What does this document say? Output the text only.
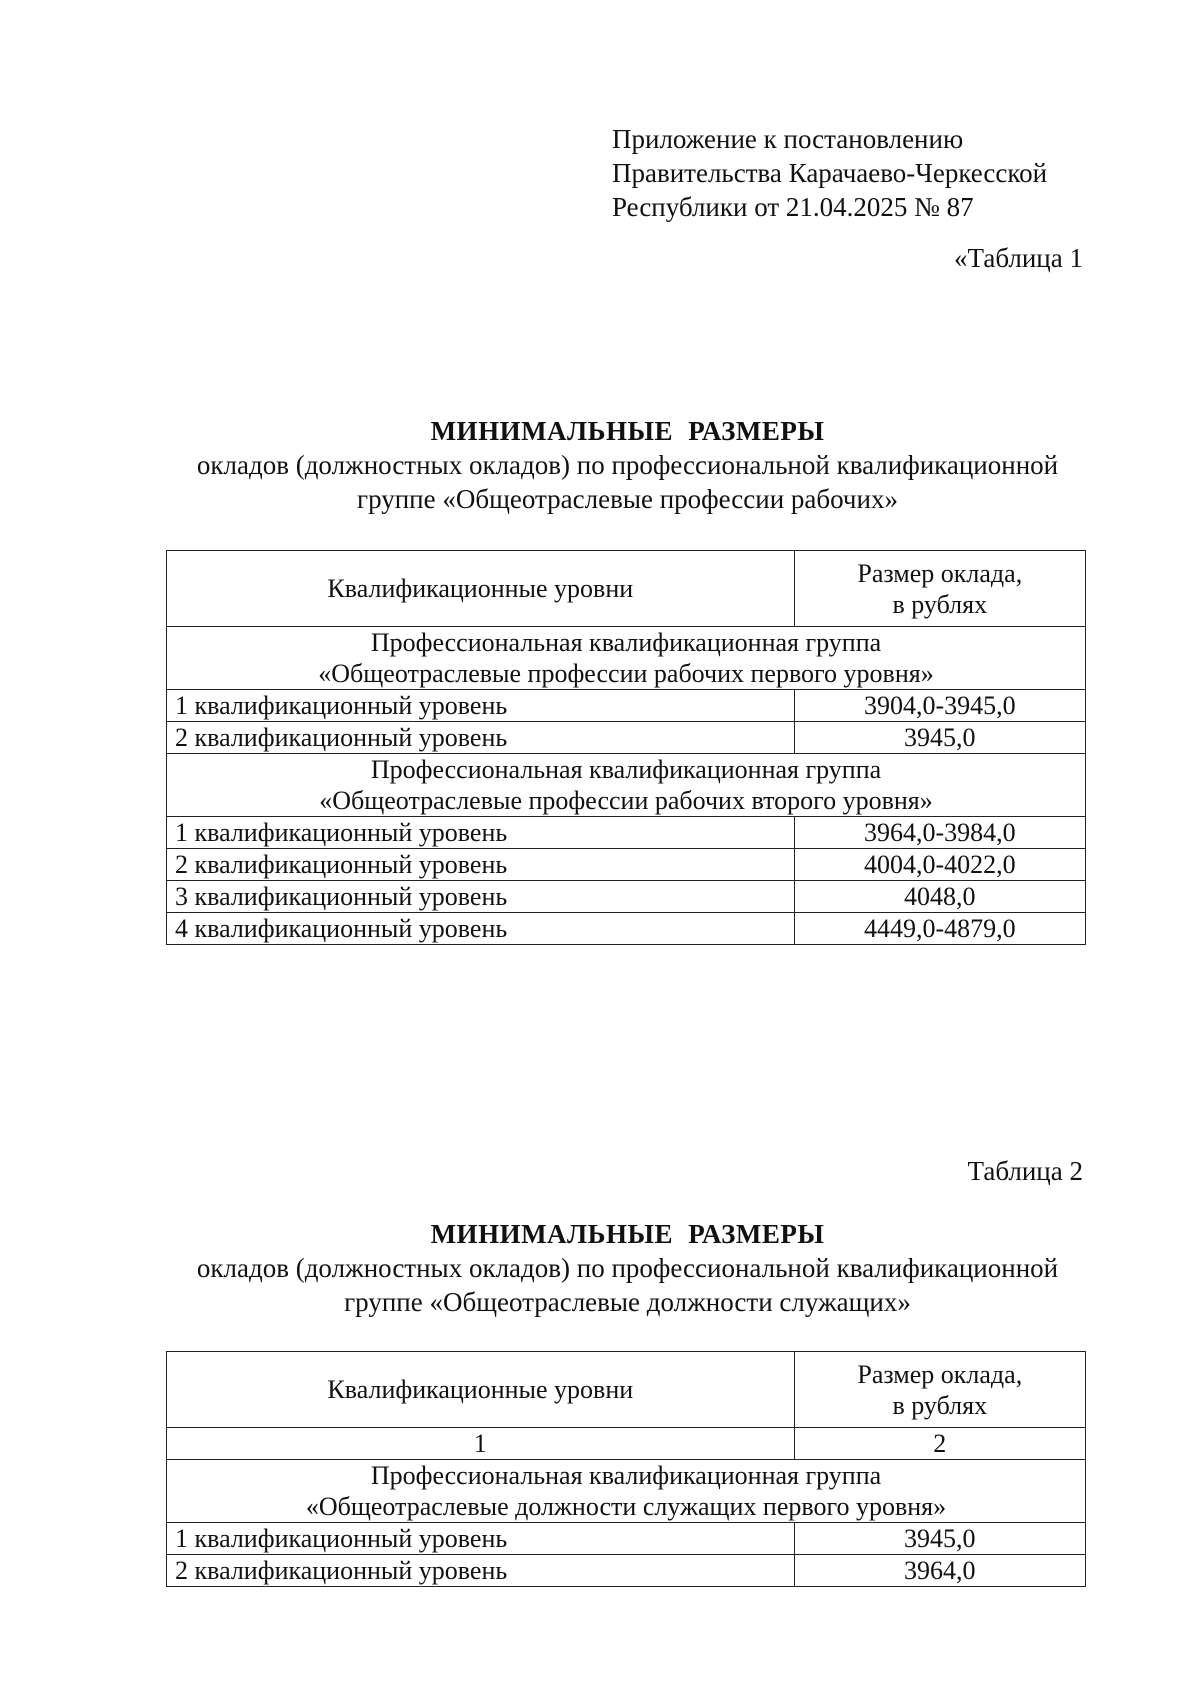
Приложение к постановлению
Правительства Карачаево-Черкесской
Республики от 21.04.2025 № 87
«Таблица 1
МИНИМАЛЬНЫЕ РАЗМЕРЫ
окладов (должностных окладов) по профессиональной квалификационной
группе «Общеотраслевые профессии рабочих»
Квалификационные уровни	Размер оклада,
в рублях

Профессиональная квалификационная группа
«Общеотраслевые профессии рабочих первого уровня»	

1 квалификационный уровень	3904,0-3945,0
2 квалификационный уровень	3945,0

Профессиональная квалификационная группа
«Общеотраслевые профессии рабочих второго уровня»	

1 квалификационный уровень	3964,0-3984,0
2 квалификационный уровень	4004,0-4022,0
3 квалификационный уровень	4048,0
4 квалификационный уровень	4449,0-4879,0
Таблица 2
МИНИМАЛЬНЫЕ РАЗМЕРЫ
окладов (должностных окладов) по профессиональной квалификационной
группе «Общеотраслевые должности служащих»
Квалификационные уровни	Размер оклада,
в рублях

1	2

Профессиональная квалификационная группа
«Общеотраслевые должности служащих первого уровня»	

1 квалификационный уровень	3945,0
2 квалификационный уровень	3964,0
